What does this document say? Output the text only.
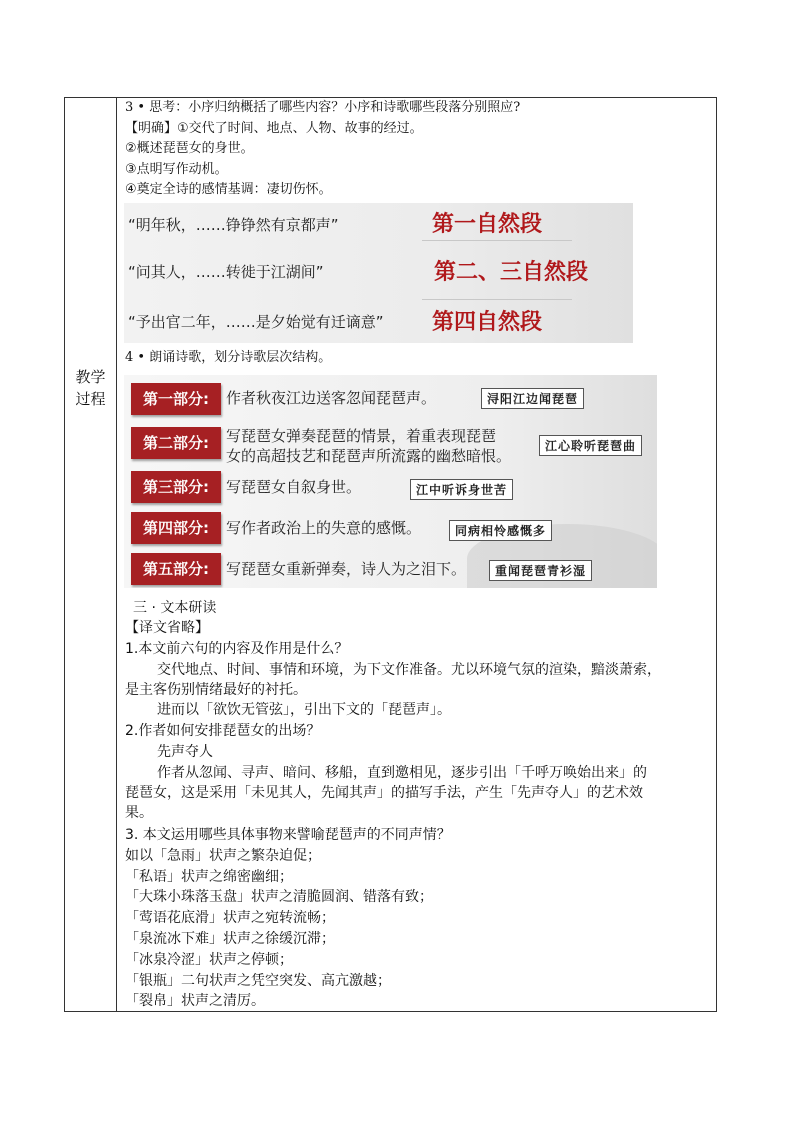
教学
过程
3 • 思考：小序归纳概括了哪些内容？小序和诗歌哪些段落分别照应?
【明确】①交代了时间、地点、人物、故事的经过。
②概述琵琶女的身世。
③点明写作动机。
④奠定全诗的感情基调：凄切伤怀。
“明年秋，……铮铮然有京都声”	第一自然段
“问其人，……转徙于江湖间”	第二、三自然段
“予出官二年，……是夕始觉有迁谪意” 第四自然段
4 • 朗诵诗歌，划分诗歌层次结构。
第一部分:	作者秋夜江边送客忽闻琵琶声。	浔阳江边闻琵琶
第二部分:	写琵琶女弹奏琵琶的情景，着重表现琵琶
女的高超技艺和琵琶声所流露的幽愁暗恨。
江心聆听琵琶曲
第三部分:	写琵琶女自叙身世。	江中听诉身世苦
第四部分:	写作者政治上的失意的感慨。	同病相怜感慨多
第五部分:	写琵琶女重新弹奏，诗人为之泪下。	重闻琵琶青衫湿
三 · 文本研读
【译文省略】
1.本文前六句的内容及作用是什么？
交代地点、时间、事情和环境，为下文作准备。尤以环境气氛的渲染，黯淡萧索，
是主客伤别情绪最好的衬托。
进而以「欲饮无管弦」，引出下文的「琵琶声」。
2.作者如何安排琵琶女的出场？
先声夺人
作者从忽闻、寻声、暗问、移船，直到邀相见，逐步引出「千呼万唤始出来」的
琵琶女，这是采用「未见其人，先闻其声」的描写手法，产生「先声夺人」的艺术效
果。
3. 本文运用哪些具体事物来譬喻琵琶声的不同声情？
如以「急雨」状声之繁杂迫促；
「私语」状声之绵密幽细；
「大珠小珠落玉盘」状声之清脆圆润、错落有致；
「莺语花底滑」状声之宛转流畅；
「泉流冰下难」状声之徐缓沉滞；
「冰泉冷涩」状声之停顿；
「银瓶」二句状声之凭空突发、高亢激越；
「裂帛」状声之清厉。
